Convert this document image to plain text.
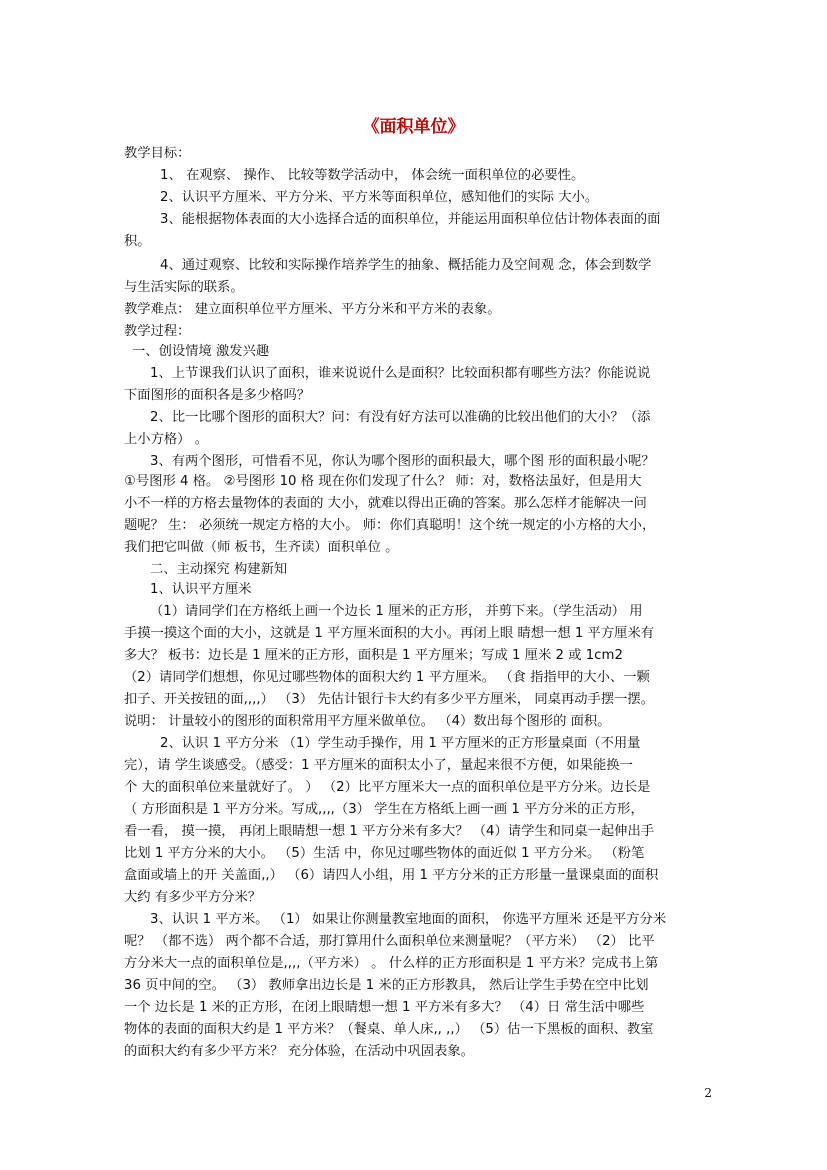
《面积单位》
教学目标：
1、 在观察、 操作、 比较等数学活动中， 体会统一面积单位的必要性。
2、认识平方厘米、平方分米、平方米等面积单位，感知他们的实际 大小。
3、能根据物体表面的大小选择合适的面积单位，并能运用面积单位估计物体表面的面
积。
4、通过观察、比较和实际操作培养学生的抽象、概括能力及空间观 念，体会到数学
与生活实际的联系。
教学难点： 建立面积单位平方厘米、平方分米和平方米的表象。
教学过程：
一、创设情境 激发兴趣
1、上节课我们认识了面积，谁来说说什么是面积？比较面积都有哪些方法？你能说说
下面图形的面积各是多少格吗？
2、比一比哪个图形的面积大？问：有没有好方法可以准确的比较出他们的大小？（添
上小方格） 。
3、有两个图形，可惜看不见，你认为哪个图形的面积最大，哪个图 形的面积最小呢？
①号图形 4 格。 ②号图形 10 格 现在你们发现了什么？ 师：对，数格法虽好，但是用大
小不一样的方格去量物体的表面的 大小，就难以得出正确的答案。那么怎样才能解决一问
题呢？ 生： 必须统一规定方格的大小。 师：你们真聪明！这个统一规定的小方格的大小，
我们把它叫做（师 板书，生齐读）面积单位 。
二、主动探究 构建新知
1、认识平方厘米
（1）请同学们在方格纸上画一个边长 1 厘米的正方形， 并剪下来。（学生活动） 用
手摸一摸这个面的大小，这就是 1 平方厘米面积的大小。再闭上眼 睛想一想 1 平方厘米有
多大？ 板书：边长是 1 厘米的正方形，面积是 1 平方厘米；写成 1 厘米 2 或 1cm2
（2）请同学们想想，你见过哪些物体的面积大约 1 平方厘米。 （食 指指甲的大小、一颗
扣子、开关按钮的面,,,,） （3） 先估计银行卡大约有多少平方厘米， 同桌再动手摆一摆。
说明： 计量较小的图形的面积常用平方厘米做单位。 （4）数出每个图形的 面积。
2、认识 1 平方分米 （1）学生动手操作，用 1 平方厘米的正方形量桌面（不用量
完），请 学生谈感受。（感受：1 平方厘米的面积太小了，量起来很不方便，如果能换一
个 大的面积单位来量就好了。 ） （2）比平方厘米大一点的面积单位是平方分米。边长是
（ 方形面积是 1 平方分米。写成,,,,（3） 学生在方格纸上画一画 1 平方分米的正方形，
看一看， 摸一摸， 再闭上眼睛想一想 1 平方分米有多大？ （4）请学生和同桌一起伸出手
比划 1 平方分米的大小。 （5）生活 中，你见过哪些物体的面近似 1 平方分米。 （粉笔
盒面或墙上的开 关盖面,,） （6）请四人小组，用 1 平方分米的正方形量一量课桌面的面积
大约 有多少平方分米？
3、认识 1 平方米。 （1） 如果让你测量教室地面的面积， 你选平方厘米 还是平方分米
呢？ （都不选） 两个都不合适，那打算用什么面积单位来测量呢？（平方米） （2） 比平
方分米大一点的面积单位是,,,,（平方米） 。 什么样的正方形面积是 1 平方米？完成书上第
36 页中间的空。 （3） 教师拿出边长是 1 米的正方形教具， 然后让学生手势在空中比划
一个 边长是 1 米的正方形，在闭上眼睛想一想 1 平方米有多大？ （4）日 常生活中哪些
物体的表面的面积大约是 1 平方米？（餐桌、单人床,, ,,） （5）估一下黑板的面积、教室
的面积大约有多少平方米？ 充分体验，在活动中巩固表象。
2
